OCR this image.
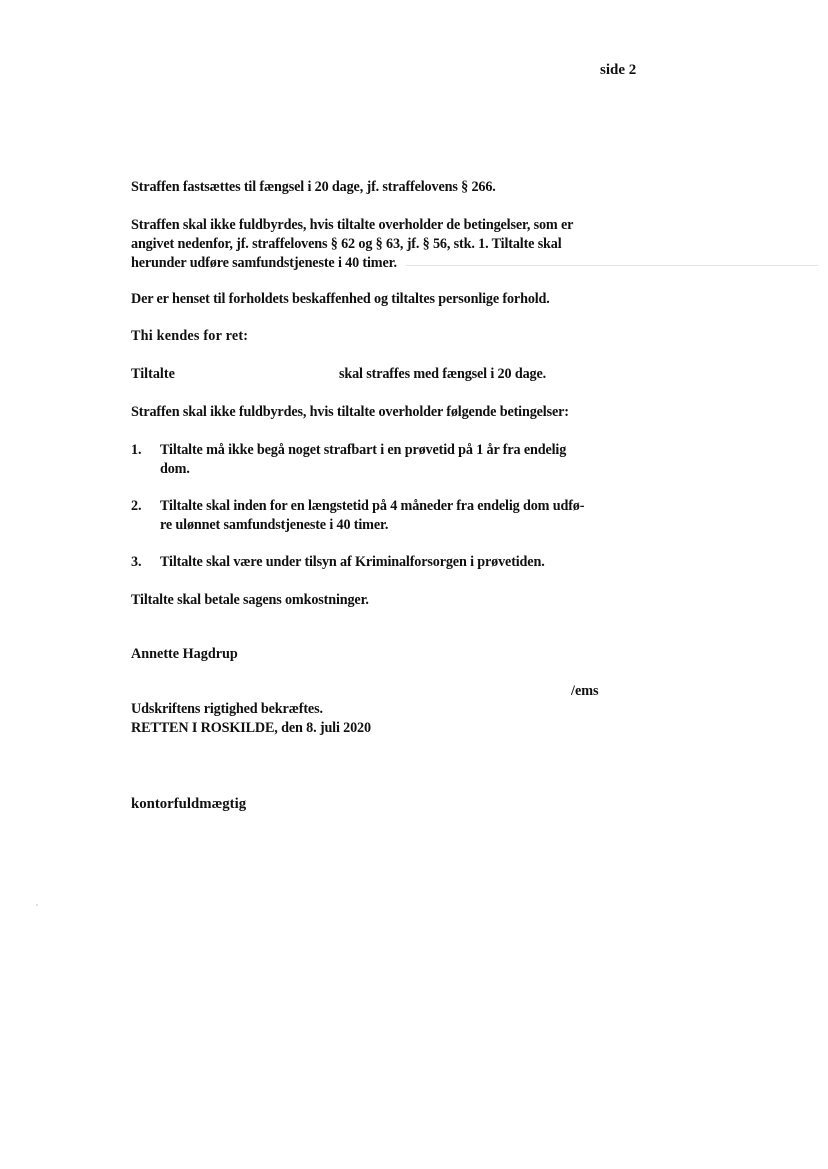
side 2
Straffen fastsættes til fængsel i 20 dage, jf. straffelovens § 266.
Straffen skal ikke fuldbyrdes, hvis tiltalte overholder de betingelser, som er
angivet nedenfor, jf. straffelovens § 62 og § 63, jf. § 56, stk. 1. Tiltalte skal
herunder udføre samfundstjeneste i 40 timer.
Der er henset til forholdets beskaffenhed og tiltaltes personlige forhold.
Thi kendes for ret:
Tiltalte	skal straffes med fængsel i 20 dage.
Straffen skal ikke fuldbyrdes, hvis tiltalte overholder følgende betingelser:
1.	Tiltalte må ikke begå noget strafbart i en prøvetid på 1 år fra endelig
dom.
2.	Tiltalte skal inden for en længstetid på 4 måneder fra endelig dom udfø-
re ulønnet samfundstjeneste i 40 timer.
3.	Tiltalte skal være under tilsyn af Kriminalforsorgen i prøvetiden.
Tiltalte skal betale sagens omkostninger.
Annette Hagdrup
/ems
Udskriftens rigtighed bekræftes.
RETTEN I ROSKILDE, den 8. juli 2020
kontorfuldmægtig
